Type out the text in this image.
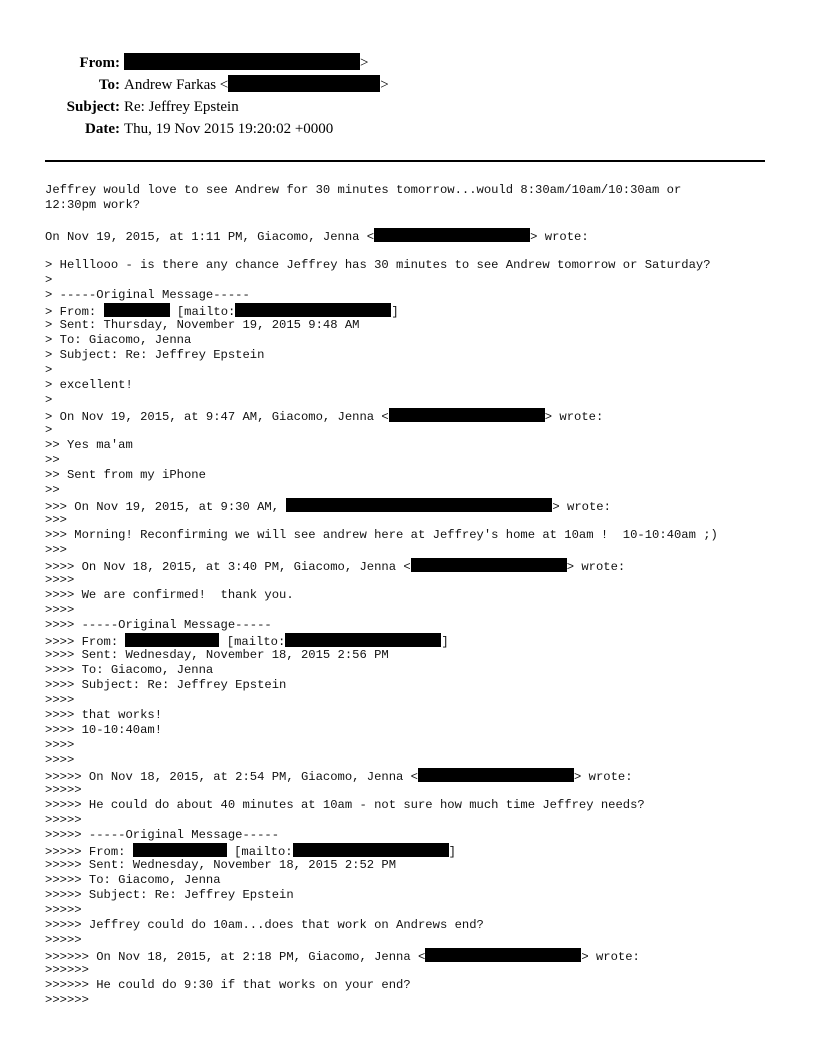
From:	>
To: Andrew Farkas <	>
Subject: Re: Jeffrey Epstein
Date: Thu, 19 Nov 2015 19:20:02 +0000
Jeffrey would love to see Andrew for 30 minutes tomorrow...would 8:30am/10am/10:30am or
12:30pm work?
On Nov 19, 2015, at 1:11 PM, Giacomo, Jenna <	> wrote:
> Helllooo - is there any chance Jeffrey has 30 minutes to see Andrew tomorrow or Saturday?
>
> -----Original Message-----
> From:	[mailto:	]
> Sent: Thursday, November 19, 2015 9:48 AM
> To: Giacomo, Jenna
> Subject: Re: Jeffrey Epstein
>
> excellent!
>
> On Nov 19, 2015, at 9:47 AM, Giacomo, Jenna <	> wrote:
>
>> Yes ma'am
>>
>> Sent from my iPhone
>>
>>> On Nov 19, 2015, at 9:30 AM,	> wrote:
>>>
>>> Morning! Reconfirming we will see andrew here at Jeffrey's home at 10am !  10-10:40am ;)
>>>
>>>> On Nov 18, 2015, at 3:40 PM, Giacomo, Jenna <	> wrote:
>>>>
>>>> We are confirmed!  thank you.
>>>>
>>>> -----Original Message-----
>>>> From:	[mailto:	]
>>>> Sent: Wednesday, November 18, 2015 2:56 PM
>>>> To: Giacomo, Jenna
>>>> Subject: Re: Jeffrey Epstein
>>>>
>>>> that works!
>>>> 10-10:40am!
>>>>
>>>>
>>>>> On Nov 18, 2015, at 2:54 PM, Giacomo, Jenna <	> wrote:
>>>>>
>>>>> He could do about 40 minutes at 10am - not sure how much time Jeffrey needs?
>>>>>
>>>>> -----Original Message-----
>>>>> From:	[mailto:	]
>>>>> Sent: Wednesday, November 18, 2015 2:52 PM
>>>>> To: Giacomo, Jenna
>>>>> Subject: Re: Jeffrey Epstein
>>>>>
>>>>> Jeffrey could do 10am...does that work on Andrews end?
>>>>>
>>>>>> On Nov 18, 2015, at 2:18 PM, Giacomo, Jenna <	> wrote:
>>>>>>
>>>>>> He could do 9:30 if that works on your end?
>>>>>>
